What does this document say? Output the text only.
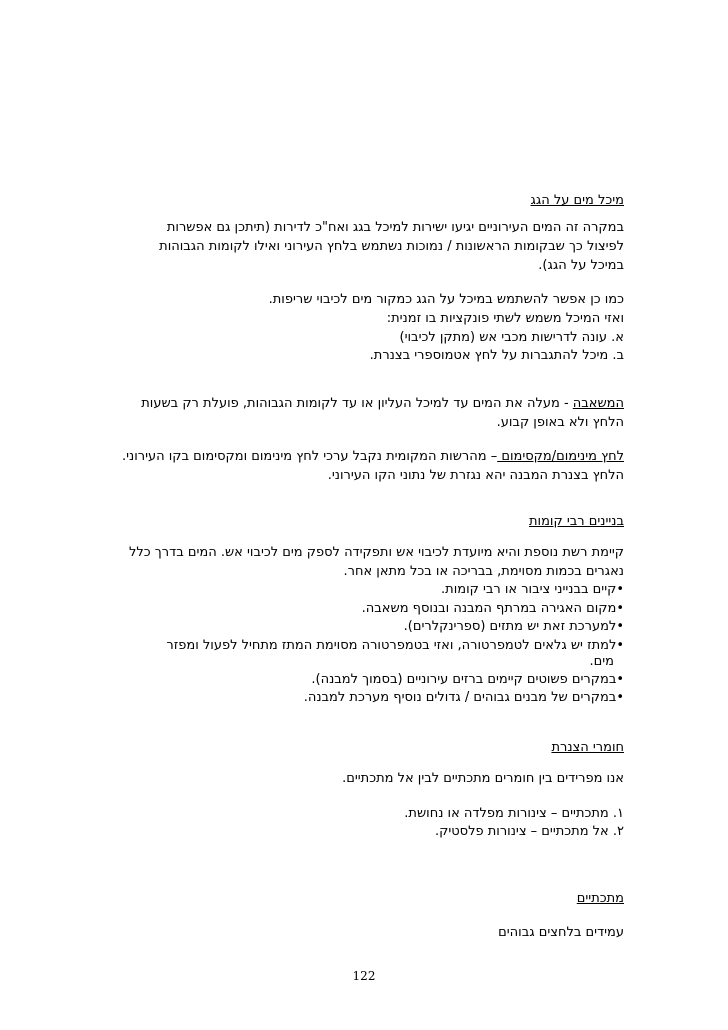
מיכל מים על הגג
במקרה זה המים העירוניים יגיעו ישירות למיכל בגג ואח"כ לדירות (תיתכן גם אפשרות
לפיצול כך שבקומות הראשונות / נמוכות נשתמש בלחץ העירוני ואילו לקומות הגבוהות
במיכל על הגג).
כמו כן אפשר להשתמש במיכל על הגג כמקור מים לכיבוי שריפות.
ואזי המיכל משמש לשתי פונקציות בו זמנית:
א. עונה לדרישות מכבי אש (מתקן לכיבוי)
ב. מיכל להתגברות על לחץ אטמוספרי בצנרת.
המשאבה - מעלה את המים עד למיכל העליון או עד לקומות הגבוהות, פועלת רק בשעות
הלחץ ולא באופן קבוע.
לחץ מינימום/מקסימום – מהרשות המקומית נקבל ערכי לחץ מינימום ומקסימום בקו העירוני.
הלחץ בצנרת המבנה יהא נגזרת של נתוני הקו העירוני.
בניינים רבי קומות
קיימת רשת נוספת והיא מיועדת לכיבוי אש ותפקידה לספק מים לכיבוי אש. המים בדרך כלל
נאגרים בכמות מסוימת, בבריכה או בכל מתאן אחר.
•קיים בבנייני ציבור או רבי קומות.
•מקום האגירה במרתף המבנה ובנוסף משאבה.
•למערכת זאת יש מתזים (ספרינקלרים).
•למתז יש גלאים לטמפרטורה, ואזי בטמפרטורה מסוימת המתז מתחיל לפעול ומפזר
מים.
•במקרים פשוטים קיימים ברזים עירוניים (בסמוך למבנה).
•במקרים של מבנים גבוהים / גדולים נוסיף מערכת למבנה.
חומרי הצנרת
אנו מפרידים בין חומרים מתכתיים לבין אל מתכתיים.
١. מתכתיים – צינורות מפלדה או נחושת.
٢. אל מתכתיים – צינורות פלסטיק.
מתכתיים
עמידים בלחצים גבוהים
122
